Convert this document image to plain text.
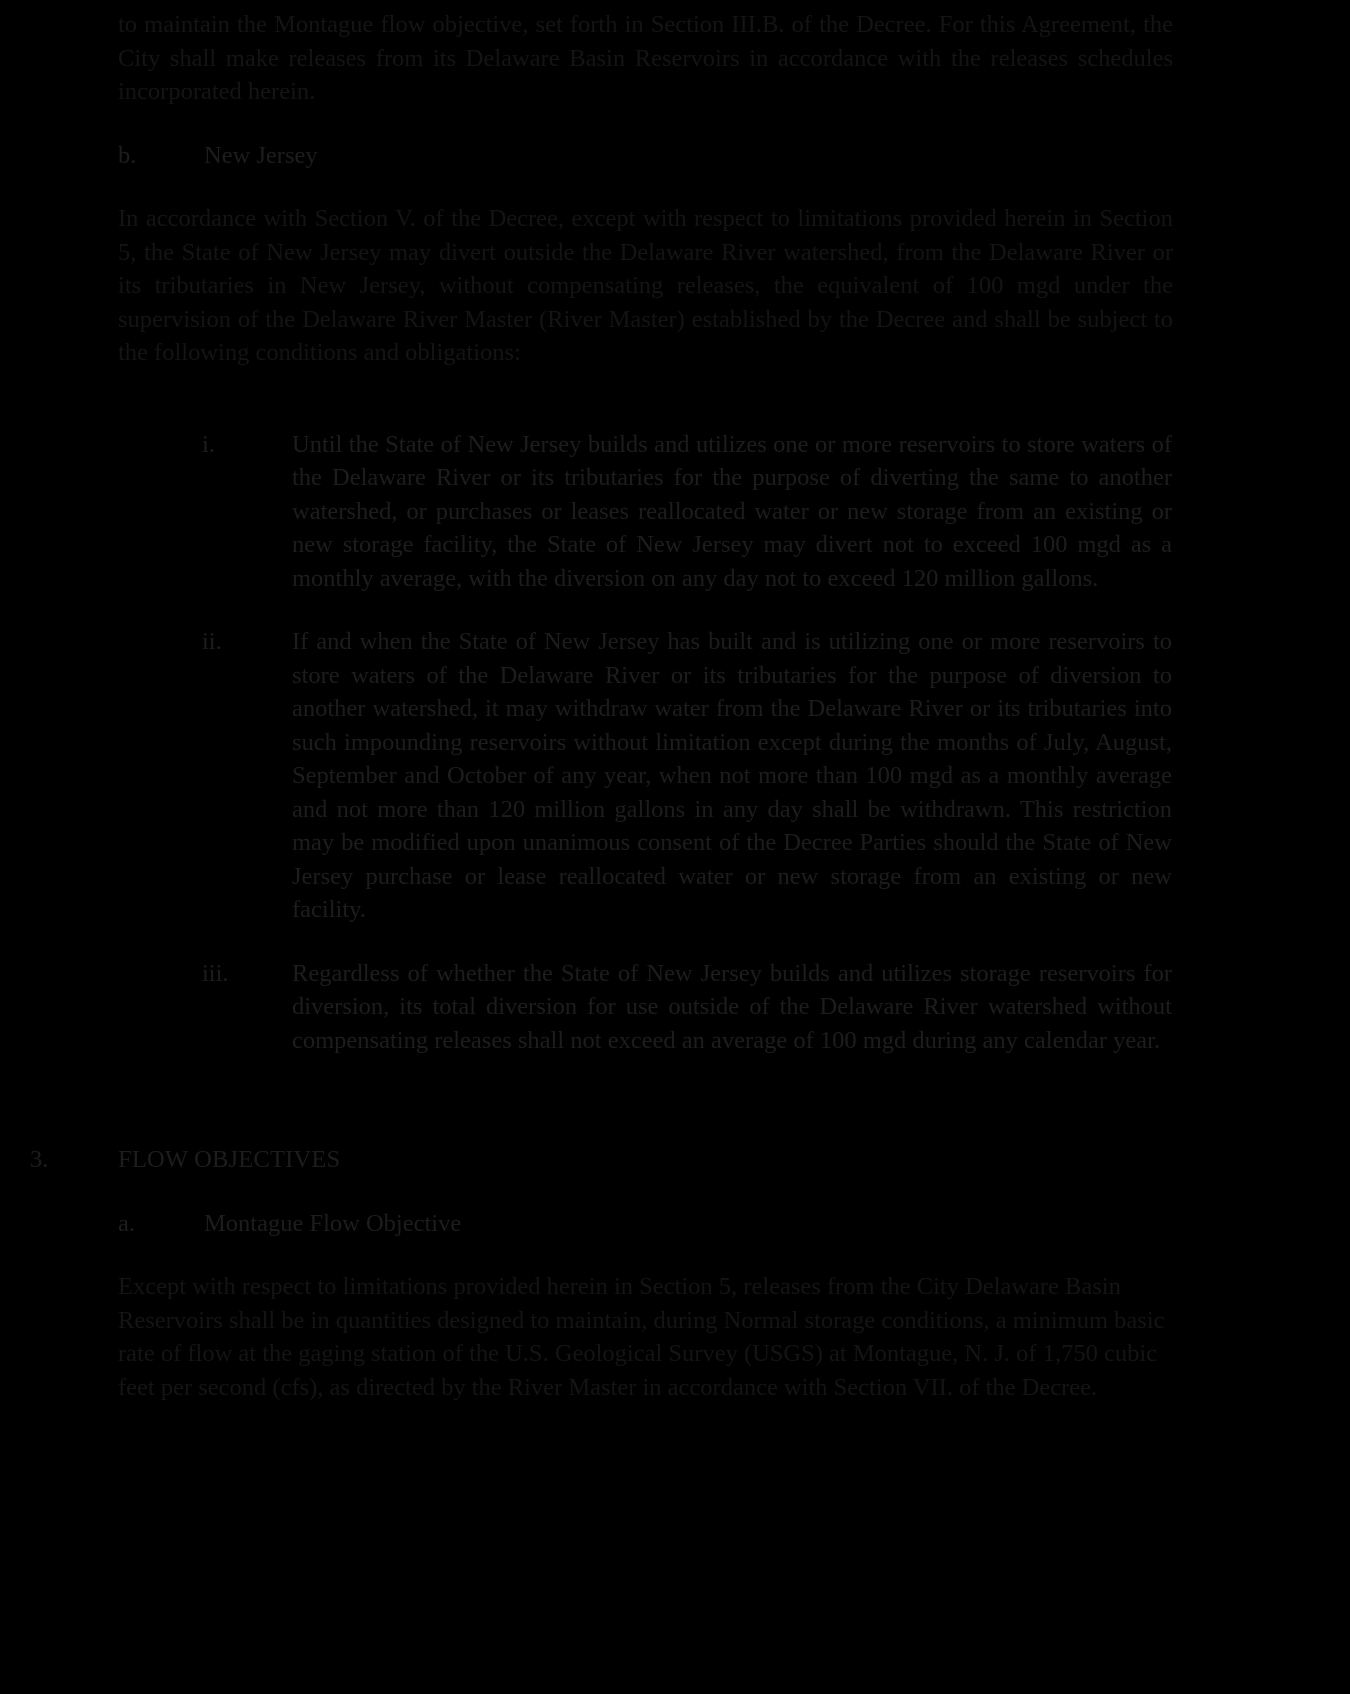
to maintain the Montague flow objective, set forth in Section III.B. of the Decree. For this Agreement, the City shall make releases from its Delaware Basin Reservoirs in accordance with the releases schedules incorporated herein.

b.	New Jersey

In accordance with Section V. of the Decree, except with respect to limitations provided herein in Section 5, the State of New Jersey may divert outside the Delaware River watershed, from the Delaware River or its tributaries in New Jersey, without compensating releases, the equivalent of 100 mgd under the supervision of the Delaware River Master (River Master) established by the Decree and shall be subject to the following conditions and obligations:

i.	Until the State of New Jersey builds and utilizes one or more reservoirs to store waters of the Delaware River or its tributaries for the purpose of diverting the same to another watershed, or purchases or leases reallocated water or new storage from an existing or new storage facility, the State of New Jersey may divert not to exceed 100 mgd as a monthly average, with the diversion on any day not to exceed 120 million gallons.
ii.	If and when the State of New Jersey has built and is utilizing one or more reservoirs to store waters of the Delaware River or its tributaries for the purpose of diversion to another watershed, it may withdraw water from the Delaware River or its tributaries into such impounding reservoirs without limitation except during the months of July, August, September and October of any year, when not more than 100 mgd as a monthly average and not more than 120 million gallons in any day shall be withdrawn. This restriction may be modified upon unanimous consent of the Decree Parties should the State of New Jersey purchase or lease reallocated water or new storage from an existing or new facility.
iii.	Regardless of whether the State of New Jersey builds and utilizes storage reservoirs for diversion, its total diversion for use outside of the Delaware River watershed without compensating releases shall not exceed an average of 100 mgd during any calendar year.
3.	FLOW OBJECTIVES
a.	Montague Flow Objective

Except with respect to limitations provided herein in Section 5, releases from the City Delaware Basin Reservoirs shall be in quantities designed to maintain, during Normal storage conditions, a minimum basic rate of flow at the gaging station of the U.S. Geological Survey (USGS) at Montague, N. J. of 1,750 cubic feet per second (cfs), as directed by the River Master in accordance with Section VII. of the Decree.
